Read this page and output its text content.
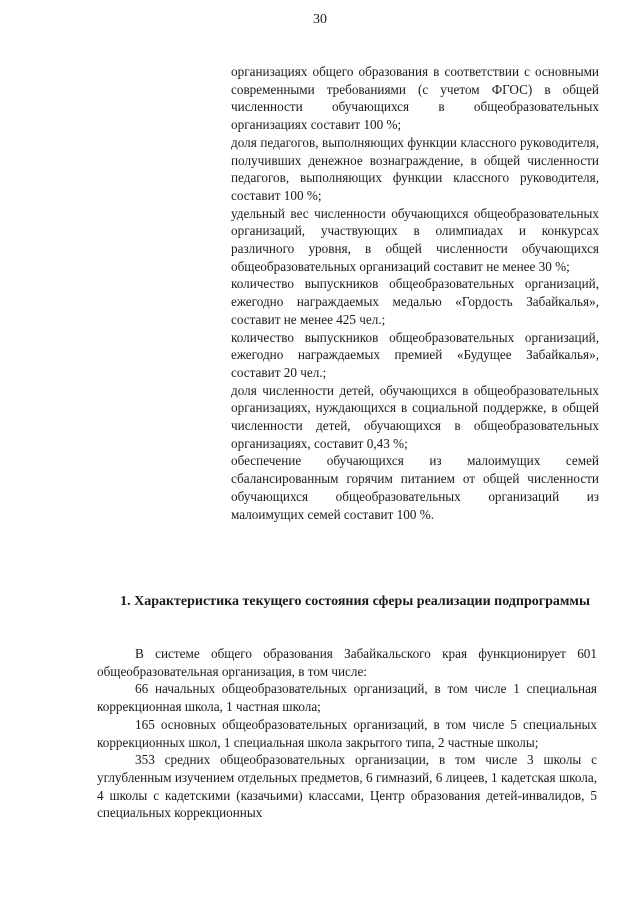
30

организациях общего образования в соответствии с основными современными требованиями (с учетом ФГОС) в общей численности обучающихся в общеобразовательных организациях составит 100 %;

доля педагогов, выполняющих функции классного руководителя, получивших денежное вознаграждение, в общей численности педагогов, выполняющих функции классного руководителя, составит 100 %;

удельный вес численности обучающихся общеобразовательных организаций, участвующих в олимпиадах и конкурсах различного уровня, в общей численности обучающихся общеобразовательных организаций составит не менее 30 %;

количество выпускников общеобразовательных организаций, ежегодно награждаемых медалью «Гордость Забайкалья», составит не менее 425 чел.;

количество выпускников общеобразовательных организаций, ежегодно награждаемых премией «Будущее Забайкалья», составит 20 чел.;

доля численности детей, обучающихся в общеобразовательных организациях, нуждающихся в социальной поддержке, в общей численности детей, обучающихся в общеобразовательных организациях, составит 0,43 %;

обеспечение обучающихся из малоимущих семей сбалансированным горячим питанием от общей численности обучающихся общеобразовательных организаций из малоимущих семей составит 100 %.

1. Характеристика текущего состояния сферы реализации подпрограммы

В системе общего образования Забайкальского края функционирует 601 общеобразовательная организация, в том числе:

66 начальных общеобразовательных организаций, в том числе 1 специальная коррекционная школа, 1 частная школа;

165 основных общеобразовательных организаций, в том числе 5 специальных коррекционных школ, 1 специальная школа закрытого типа, 2 частные школы;

353 средних общеобразовательных организации, в том числе 3 школы с углубленным изучением отдельных предметов, 6 гимназий, 6 лицеев, 1 кадетская школа, 4 школы с кадетскими (казачьими) классами, Центр образования детей-инвалидов, 5 специальных коррекционных
